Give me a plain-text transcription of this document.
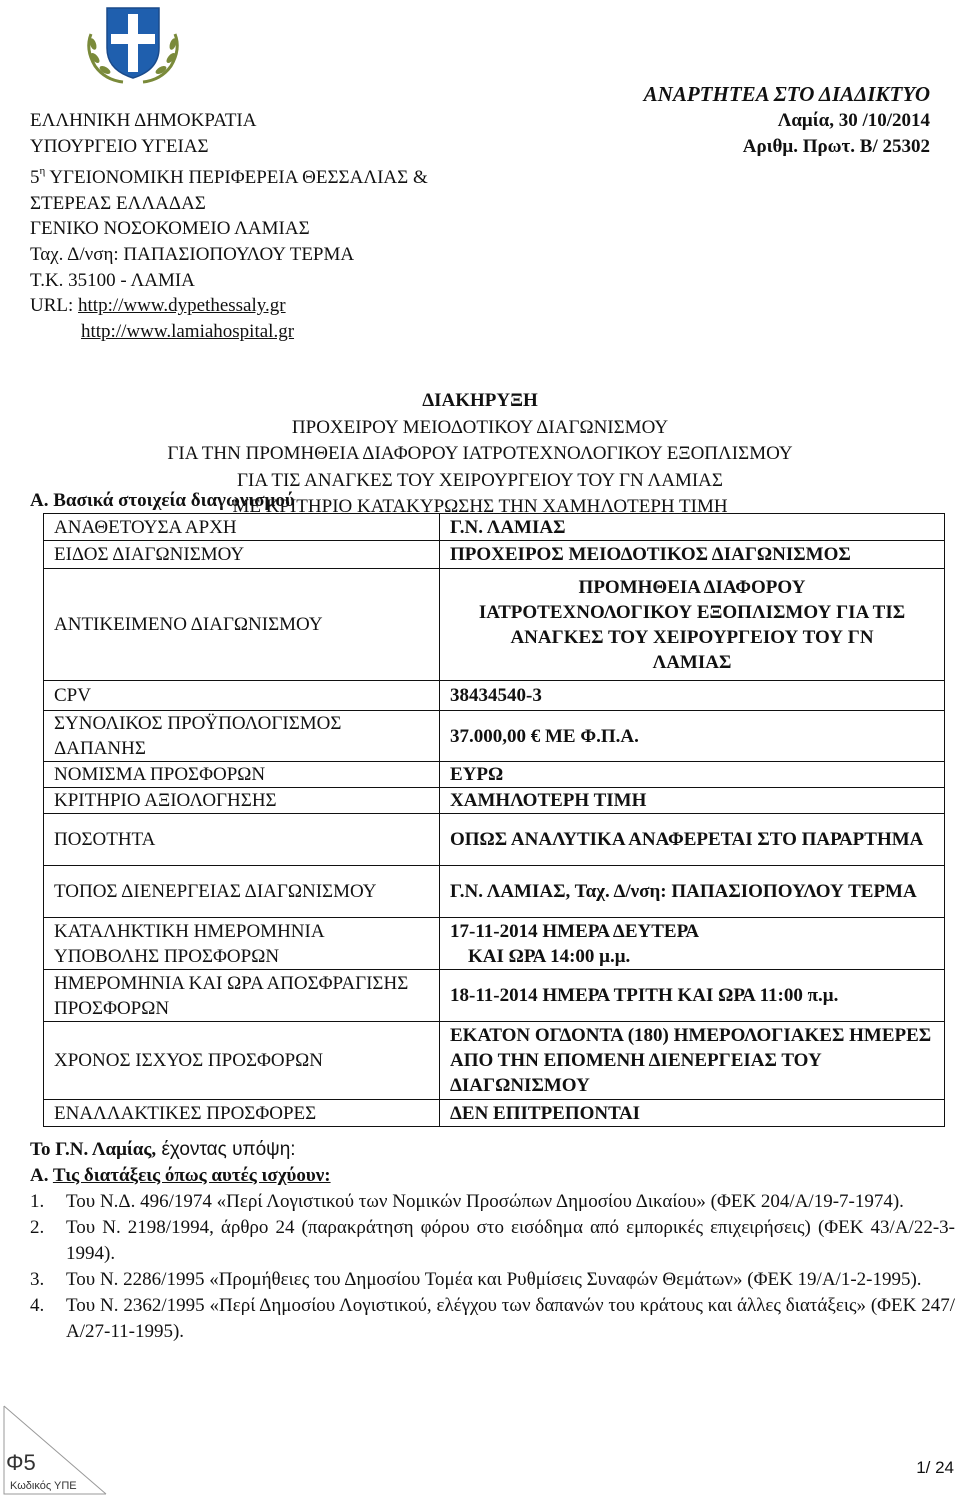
ΕΛΛΗΝΙΚΗ ΔΗΜΟΚΡΑΤΙΑ
ΥΠΟΥΡΓΕΙΟ ΥΓΕΙΑΣ
$5^\eta$ ΥΓΕΙΟΝΟΜΙΚΗ ΠΕΡΙΦΕΡΕΙΑ ΘΕΣΣΑΛΙΑΣ &
ΣΤΕΡΕΑΣ ΕΛΛΑΔΑΣ
ΓΕΝΙΚΟ ΝΟΣΟΚΟΜΕΙΟ ΛΑΜΙΑΣ
Ταχ. Δ/νση: ΠΑΠΑΣΙΟΠΟΥΛΟΥ ΤΕΡΜΑ
Τ.Κ. 35100 - ΛΑΜΙΑ
URL: http://www.dypethessaly.gr
http://www.lamiahospital.gr
ΑΝΑΡΤΗΤΕΑ ΣΤΟ ΔΙΑΔΙΚΤΥΟ
Λαμία, 30 /10/2014
Αριθμ. Πρωτ. Β/ 25302
ΔΙΑΚΗΡΥΞΗ
ΠΡΟΧΕΙΡΟΥ ΜΕΙΟΔΟΤΙΚΟΥ ΔΙΑΓΩΝΙΣΜΟΥ
ΓΙΑ ΤΗΝ ΠΡΟΜΗΘΕΙΑ ΔΙΑΦΟΡΟΥ ΙΑΤΡΟΤΕΧΝΟΛΟΓΙΚΟΥ ΕΞΟΠΛΙΣΜΟΥ
ΓΙΑ ΤΙΣ ΑΝΑΓΚΕΣ ΤΟΥ ΧΕΙΡΟΥΡΓΕΙΟΥ ΤΟΥ ΓΝ ΛΑΜΙΑΣ
ΜΕ ΚΡΙΤΗΡΙΟ ΚΑΤΑΚΥΡΩΣΗΣ ΤΗΝ ΧΑΜΗΛΟΤΕΡΗ ΤΙΜΗ
Α. Βασικά στοιχεία διαγωνισμού
ΑΝΑΘΕΤΟΥΣΑ ΑΡΧΗ	Γ.Ν. ΛΑΜΙΑΣ
ΕΙΔΟΣ ΔΙΑΓΩΝΙΣΜΟΥ	ΠΡΟΧΕΙΡΟΣ ΜΕΙΟΔΟΤΙΚΟΣ ΔΙΑΓΩΝΙΣΜΟΣ
ΑΝΤΙΚΕΙΜΕΝΟ ΔΙΑΓΩΝΙΣΜΟΥ	ΠΡΟΜΗΘΕΙΑ ΔΙΑΦΟΡΟΥ ΙΑΤΡΟΤΕΧΝΟΛΟΓΙΚΟΥ ΕΞΟΠΛΙΣΜΟΥ ΓΙΑ ΤΙΣ ΑΝΑΓΚΕΣ ΤΟΥ ΧΕΙΡΟΥΡΓΕΙΟΥ ΤΟΥ ΓΝ ΛΑΜΙΑΣ
CPV	38434540-3
ΣΥΝΟΛΙΚΟΣ ΠΡΟΫΠΟΛΟΓΙΣΜΟΣ ΔΑΠΑΝΗΣ	37.000,00 € ΜΕ Φ.Π.Α.
ΝΟΜΙΣΜΑ ΠΡΟΣΦΟΡΩΝ	ΕΥΡΩ
ΚΡΙΤΗΡΙΟ ΑΞΙΟΛΟΓΗΣΗΣ	ΧΑΜΗΛΟΤΕΡΗ ΤΙΜΗ
ΠΟΣΟΤΗΤΑ	ΟΠΩΣ ΑΝΑΛΥΤΙΚΑ ΑΝΑΦΕΡΕΤΑΙ ΣΤΟ ΠΑΡΑΡΤΗΜΑ
ΤΟΠΟΣ ΔΙΕΝΕΡΓΕΙΑΣ ΔΙΑΓΩΝΙΣΜΟΥ	Γ.Ν. ΛΑΜΙΑΣ, Ταχ. Δ/νση: ΠΑΠΑΣΙΟΠΟΥΛΟΥ ΤΕΡΜΑ
ΚΑΤΑΛΗΚΤΙΚΗ ΗΜΕΡΟΜΗΝΙΑ ΥΠΟΒΟΛΗΣ ΠΡΟΣΦΟΡΩΝ	17-11-2014 ΗΜΕΡΑ ΔΕΥΤΕΡΑ
ΚΑΙ ΩΡΑ 14:00 μ.μ.

ΗΜΕΡΟΜΗΝΙΑ ΚΑΙ ΩΡΑ ΑΠΟΣΦΡΑΓΙΣΗΣ ΠΡΟΣΦΟΡΩΝ	18-11-2014 ΗΜΕΡΑ ΤΡΙΤΗ ΚΑΙ ΩΡΑ 11:00 π.μ.
ΧΡΟΝΟΣ ΙΣΧΥΟΣ ΠΡΟΣΦΟΡΩΝ	ΕΚΑΤΟΝ ΟΓΔΟΝΤΑ (180) ΗΜΕΡΟΛΟΓΙΑΚΕΣ ΗΜΕΡΕΣ ΑΠΟ ΤΗΝ ΕΠΟΜΕΝΗ ΔΙΕΝΕΡΓΕΙΑΣ ΤΟΥ ΔΙΑΓΩΝΙΣΜΟΥ
ΕΝΑΛΛΑΚΤΙΚΕΣ ΠΡΟΣΦΟΡΕΣ	ΔΕΝ ΕΠΙΤΡΕΠΟΝΤΑΙ
Το Γ.Ν. Λαμίας, έχοντας υπόψη:
Α. Τις διατάξεις όπως αυτές ισχύουν:
1.	Του Ν.Δ. 496/1974 «Περί Λογιστικού των Νομικών Προσώπων Δημοσίου Δικαίου» (ΦΕΚ 204/Α/19-7-1974).
2.	Του Ν. 2198/1994, άρθρο 24 (παρακράτηση φόρου στο εισόδημα από εμπορικές επιχειρήσεις) (ΦΕΚ 43/Α/22-3-1994).
3.	Του Ν. 2286/1995 «Προμήθειες του Δημοσίου Τομέα και Ρυθμίσεις Συναφών Θεμάτων» (ΦΕΚ 19/Α/1-2-1995).
4.	Του Ν. 2362/1995 «Περί Δημοσίου Λογιστικού, ελέγχου των δαπανών του κράτους και άλλες διατάξεις» (ΦΕΚ 247/Α/27-11-1995).
Φ5
Κωδικός ΥΠΕ
1/ 24
